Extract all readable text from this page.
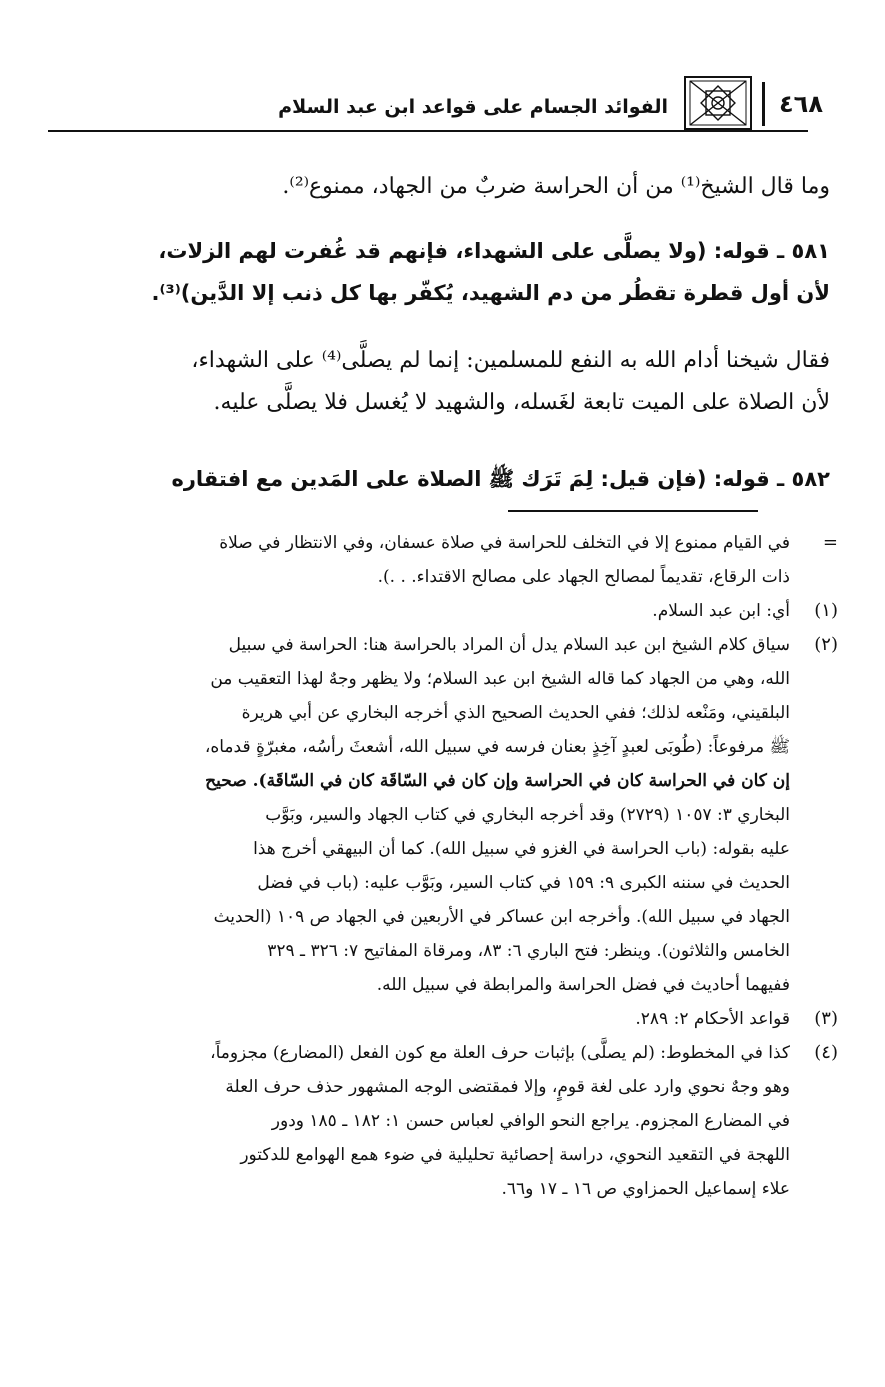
الفوائد الجسام على قواعد ابن عبد السلام	٤٦٨
وما قال الشيخ⁽¹⁾ من أن الحراسة ضربٌ من الجهاد، ممنوع⁽²⁾.
٥٨١ ـ قوله: (ولا يصلَّى على الشهداء، فإنهم قد غُفرت لهم الزلات،
لأن أول قطرة تقطُر من دم الشهيد، يُكفّر بها كل ذنب إلا الدَّين)⁽³⁾.
فقال شيخنا أدام الله به النفع للمسلمين: إنما لم يصلَّى⁽⁴⁾ على الشهداء،
لأن الصلاة على الميت تابعة لغَسله، والشهيد لا يُغسل فلا يصلَّى عليه.
٥٨٢ ـ قوله: (فإن قيل: لِمَ تَرَك ﷺ الصلاة على المَدين مع افتقاره
=
في القيام ممنوع إلا في التخلف للحراسة في صلاة عسفان، وفي الانتظار في صلاة
ذات الرقاع، تقديماً لمصالح الجهاد على مصالح الاقتداء. . .).
(١)
أي: ابن عبد السلام.
(٢)
سياق كلام الشيخ ابن عبد السلام يدل أن المراد بالحراسة هنا: الحراسة في سبيل
الله، وهي من الجهاد كما قاله الشيخ ابن عبد السلام؛ ولا يظهر وجهٌ لهذا التعقيب من
البلقيني، ومَنْعه لذلك؛ ففي الحديث الصحيح الذي أخرجه البخاري عن أبي هريرة
ﷺ مرفوعاً: (طُوبَى لعبدٍ آخِذٍ بعنان فرسه في سبيل الله، أشعثَ رأسُه، مغبرّةٍ قدماه،
إن كان في الحراسة كان في الحراسة وإن كان في السّاقَة كان في السّاقَة). صحيح
البخاري ٣: ١٠٥٧ (٢٧٢٩) وقد أخرجه البخاري في كتاب الجهاد والسير، وبَوَّب
عليه بقوله: (باب الحراسة في الغزو في سبيل الله). كما أن البيهقي أخرج هذا
الحديث في سننه الكبرى ٩: ١٥٩ في كتاب السير، وبَوَّب عليه: (باب في فضل
الجهاد في سبيل الله). وأخرجه ابن عساكر في الأربعين في الجهاد ص ١٠٩ (الحديث
الخامس والثلاثون). وينظر: فتح الباري ٦: ٨٣، ومرقاة المفاتيح ٧: ٣٢٦ ـ ٣٢٩
ففيهما أحاديث في فضل الحراسة والمرابطة في سبيل الله.
(٣)
قواعد الأحكام ٢: ٢٨٩.
(٤)
كذا في المخطوط: (لم يصلَّى) بإثبات حرف العلة مع كون الفعل (المضارع) مجزوماً،
وهو وجهٌ نحوي وارد على لغة قومٍ، وإلا فمقتضى الوجه المشهور حذف حرف العلة
في المضارع المجزوم. يراجع النحو الوافي لعباس حسن ١: ١٨٢ ـ ١٨٥ ودور
اللهجة في التقعيد النحوي، دراسة إحصائية تحليلية في ضوء همع الهوامع للدكتور
علاء إسماعيل الحمزاوي ص ١٦ ـ ١٧ و٦٦.
